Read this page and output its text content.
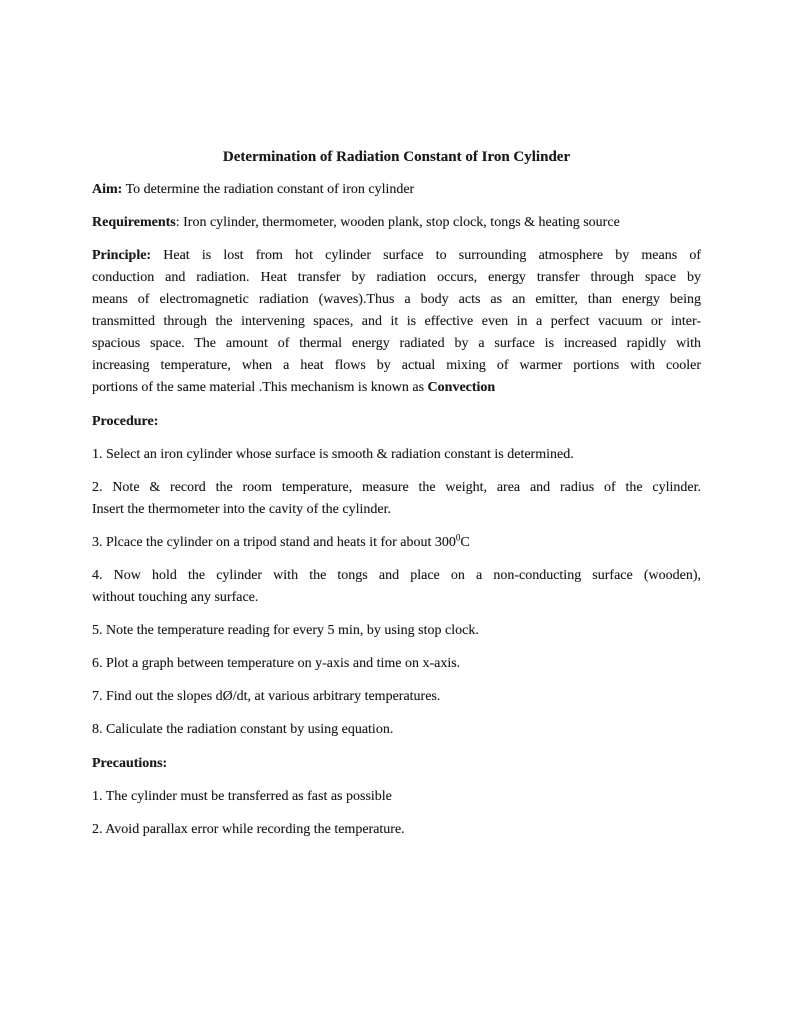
Determination of Radiation Constant of Iron Cylinder

Aim: To determine the radiation constant of iron cylinder

Requirements: Iron cylinder, thermometer, wooden plank, stop clock, tongs & heating source

Principle: Heat is lost from hot cylinder surface to surrounding atmosphere by means of
conduction and radiation. Heat transfer by radiation occurs, energy transfer through space by
means of electromagnetic radiation (waves).Thus a body acts as an emitter, than energy being
transmitted through the intervening spaces, and it is effective even in a perfect vacuum or inter-
spacious space. The amount of thermal energy radiated by a surface is increased rapidly with
increasing temperature, when a heat flows by actual mixing of warmer portions with cooler
portions of the same material .This mechanism is known as Convection

Procedure:

1. Select an iron cylinder whose surface is smooth & radiation constant is determined.

2. Note & record the room temperature, measure the weight, area and radius of the cylinder.
Insert the thermometer into the cavity of the cylinder.

3. Plcace the cylinder on a tripod stand and heats it for about $300^0C$

4. Now hold the cylinder with the tongs and place on a non-conducting surface (wooden),
without touching any surface.

5. Note the temperature reading for every 5 min, by using stop clock.

6. Plot a graph between temperature on y-axis and time on x-axis.

7. Find out the slopes dØ/dt, at various arbitrary temperatures.

8. Caliculate the radiation constant by using equation.

Precautions:

1. The cylinder must be transferred as fast as possible

2. Avoid parallax error while recording the temperature.
